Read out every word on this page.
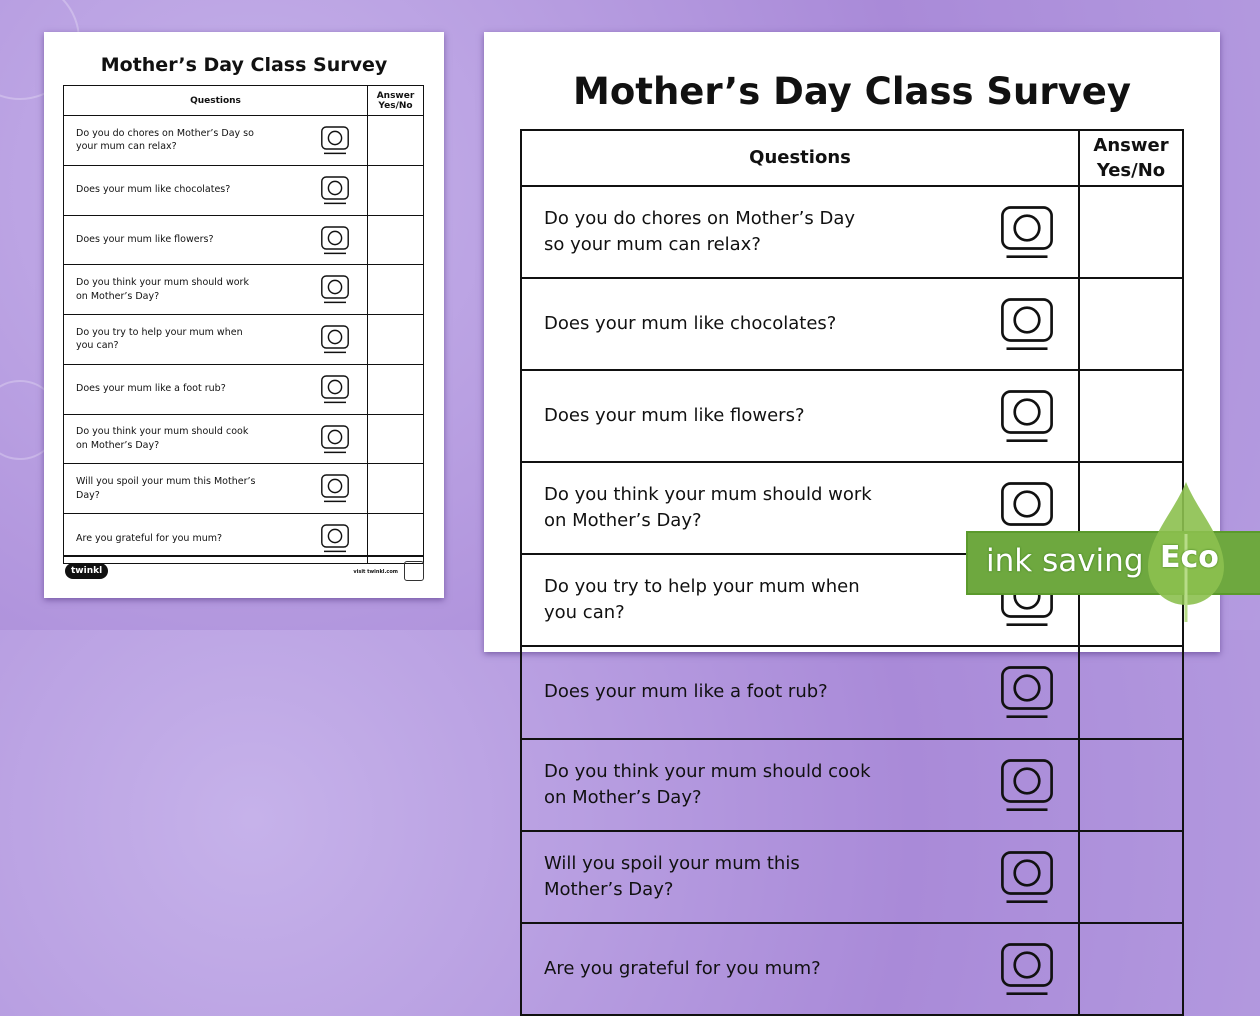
Mother’s Day Class Survey
Questions	Answer Yes/No

Do you do chores on Mother’s Day so your mum can relax?	

Does your mum like chocolates?	

Does your mum like flowers?	

Do you think your mum should work on Mother’s Day?	

Do you try to help your mum when you can?	

Does your mum like a foot rub?	

Do you think your mum should cook on Mother’s Day?	

Will you spoil your mum this Mother’s Day?	

Are you grateful for you mum?	

twinkl	visit twinkl.com
Mother’s Day Class Survey
Questions	Answer Yes/No

Do you do chores on Mother’s Day so your mum can relax?	

Does your mum like chocolates?	

Does your mum like flowers?	

Do you think your mum should work on Mother’s Day?	

Do you try to help your mum when you can?	

Does your mum like a foot rub?	

Do you think your mum should cook on Mother’s Day?	

Will you spoil your mum this Mother’s Day?	

Are you grateful for you mum?	

ink saving Eco
